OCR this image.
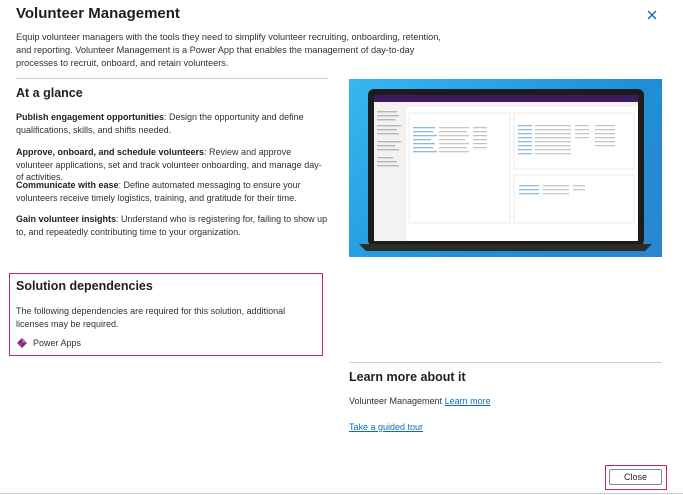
Volunteer Management
Equip volunteer managers with the tools they need to simplify volunteer recruiting, onboarding, retention, and reporting. Volunteer Management is a Power App that enables the management of day-to-day processes to recruit, onboard, and retain volunteers.
At a glance
Publish engagement opportunities: Design the opportunity and define qualifications, skills, and shifts needed.
Approve, onboard, and schedule volunteers: Review and approve volunteer applications, set and track volunteer onboarding, and manage day-of activities.
Communicate with ease: Define automated messaging to ensure your volunteers receive timely logistics, training, and gratitude for their time.
Gain volunteer insights: Understand who is registering for, failing to show up to, and repeatedly contributing time to your organization.
Solution dependencies
The following dependencies are required for this solution, additional licenses may be required.
Power Apps
Learn more about it
Volunteer Management Learn more
Take a guided tour
Close
